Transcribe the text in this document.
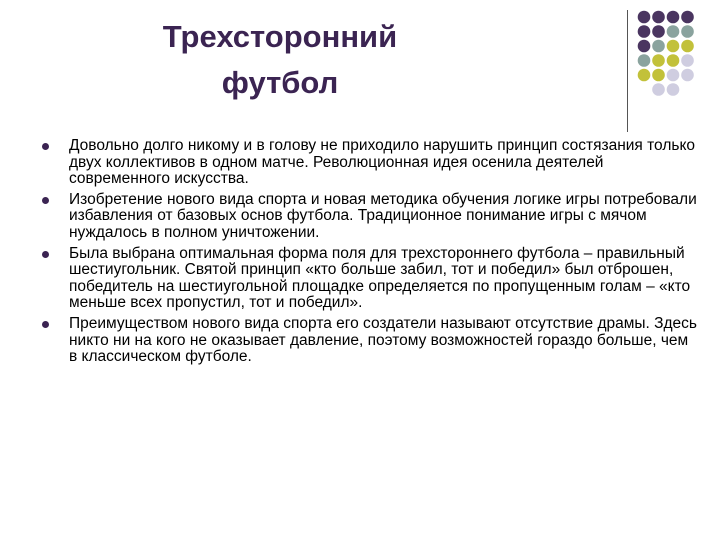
Трехсторонний
футбол
Довольно долго никому и в голову не приходило нарушить принцип состязания только двух коллективов в одном матче. Революционная идея осенила деятелей современного искусства.
Изобретение нового вида спорта и новая методика обучения логике игры потребовали избавления от базовых основ футбола. Традиционное понимание игры с мячом нуждалось в полном уничтожении.
Была выбрана оптимальная форма поля для трехстороннего футбола – правильный шестиугольник. Святой принцип «кто больше забил, тот и победил» был отброшен, победитель на шестиугольной площадке определяется по пропущенным голам – «кто меньше всех пропустил, тот и победил».
Преимуществом нового вида спорта его создатели называют отсутствие драмы. Здесь никто ни на кого не оказывает давление, поэтому возможностей гораздо больше, чем в классическом футболе.
